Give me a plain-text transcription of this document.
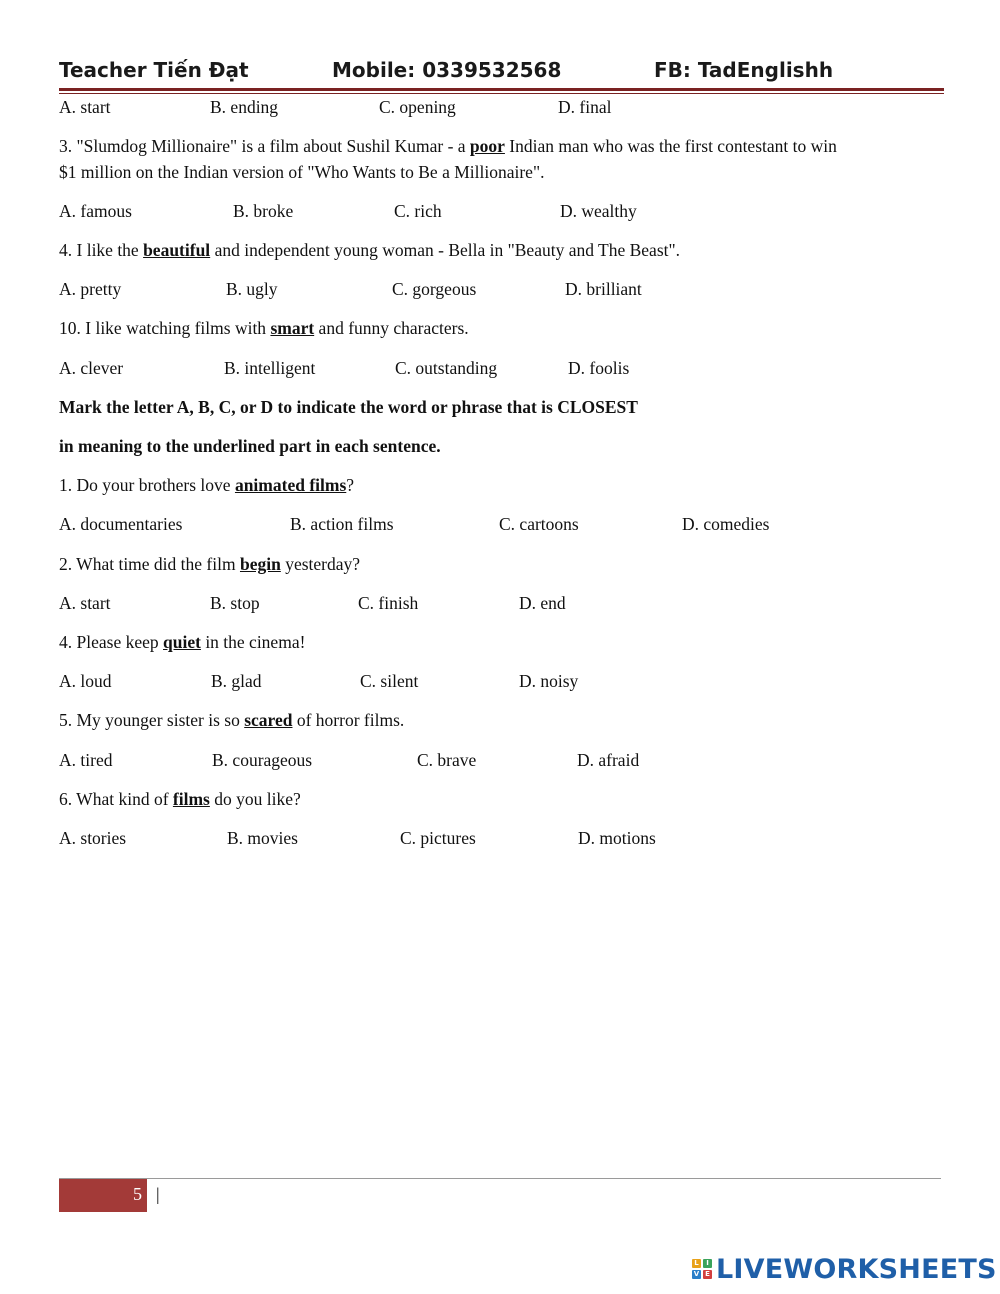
Teacher Tiến Đạt	Mobile: 0339532568	FB: TadEnglishh
A. start	B. ending	C. opening	D. final
3. "Slumdog Millionaire" is a film about Sushil Kumar - a poor Indian man who was the first contestant to win
$1 million on the Indian version of "Who Wants to Be a Millionaire".
A. famous	B. broke	C. rich	D. wealthy
4. I like the beautiful and independent young woman - Bella in "Beauty and The Beast".
A. pretty	B. ugly	C. gorgeous	D. brilliant
10. I like watching films with smart and funny characters.
A. clever	B. intelligent	C. outstanding	D. foolis
Mark the letter A, B, C, or D to indicate the word or phrase that is CLOSEST
in meaning to the underlined part in each sentence.
1. Do your brothers love animated films?
A. documentaries	B. action films	C. cartoons	D. comedies
2. What time did the film begin yesterday?
A. start	B. stop	C. finish	D. end
4. Please keep quiet in the cinema!
A. loud	B. glad	C. silent	D. noisy
5. My younger sister is so scared of horror films.
A. tired	B. courageous	C. brave	D. afraid
6. What kind of films do you like?
A. stories	B. movies	C. pictures	D. motions
5 |
L	I
V E LIVEWORKSHEETS
